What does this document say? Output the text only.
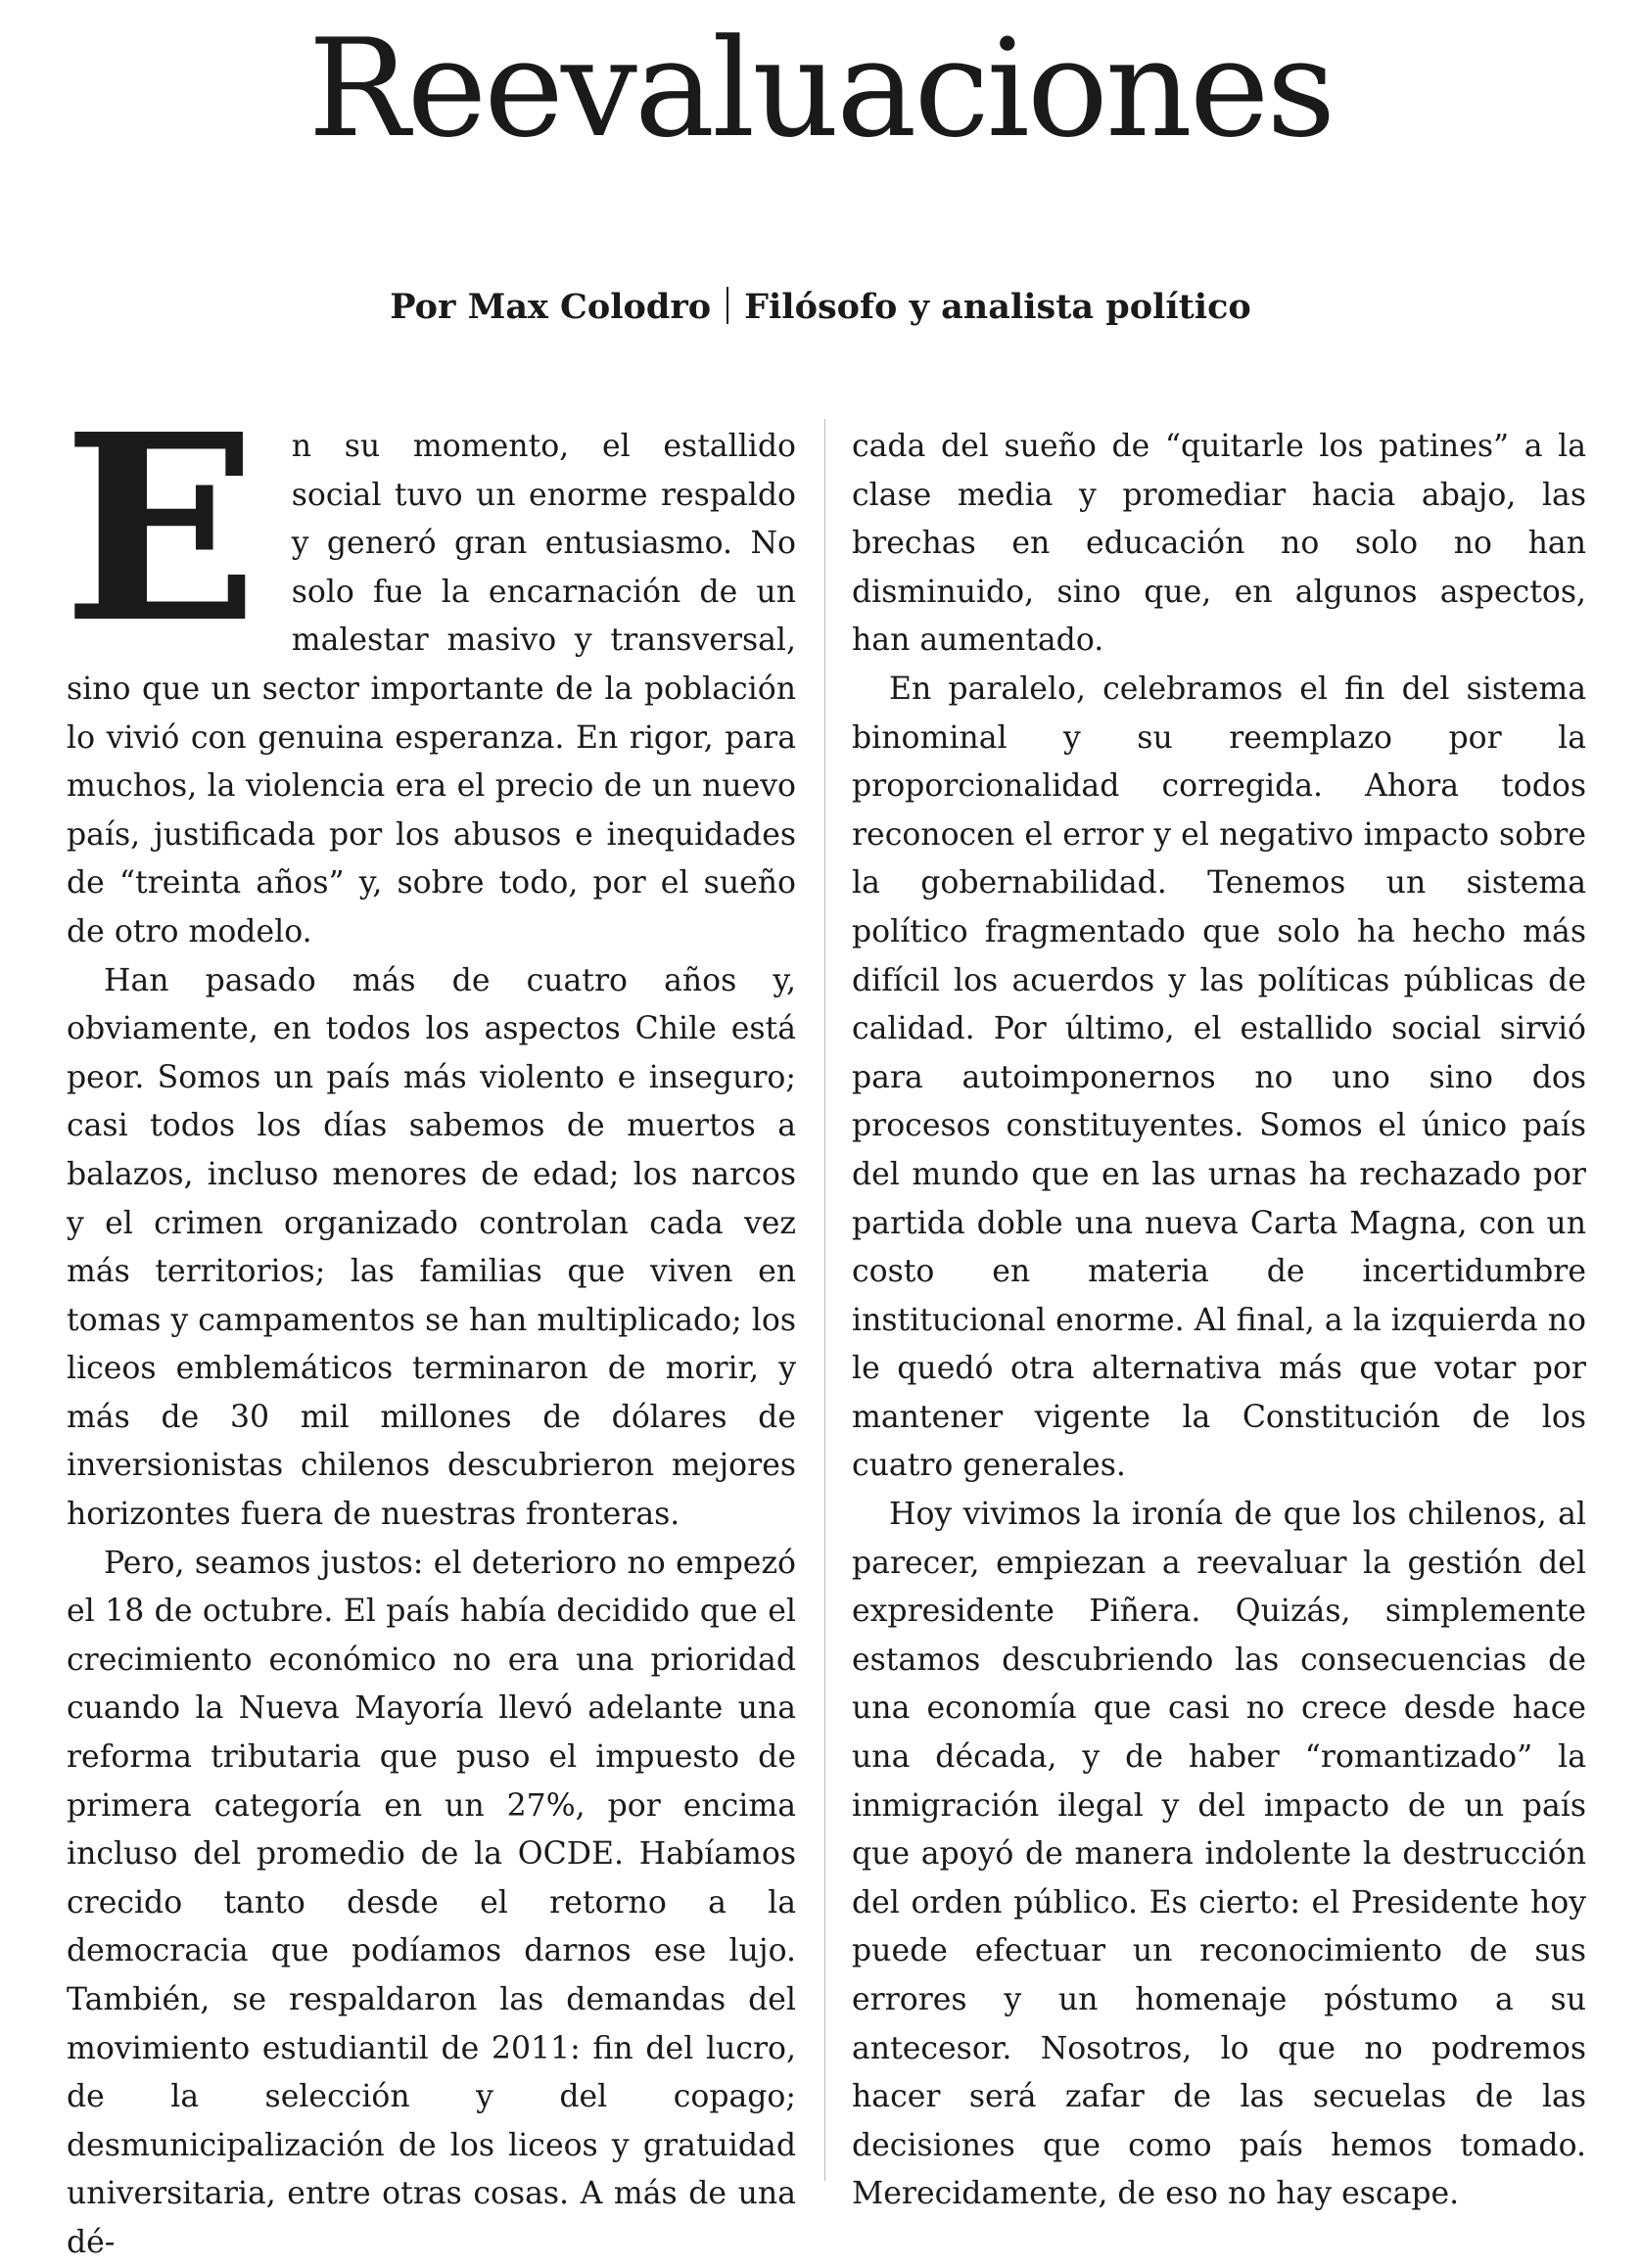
Reevaluaciones
Por Max Colodro Filósofo y analista político

E n su momento, el estallido social tuvo un enorme respaldo y generó gran entusiasmo. No solo fue la encarnación de un malestar masivo y transversal, sino que un sector importante de la población lo vivió con genuina esperanza. En rigor, para muchos, la violencia era el precio de un nuevo país, justificada por los abusos e inequidades de “treinta años” y, sobre todo, por el sueño de otro modelo.

Han pasado más de cuatro años y, obviamente, en todos los aspectos Chile está peor. Somos un país más violento e inseguro; casi todos los días sabemos de muertos a balazos, incluso menores de edad; los narcos y el crimen organizado controlan cada vez más territorios; las familias que viven en tomas y campamentos se han multiplicado; los liceos emblemáticos terminaron de morir, y más de 30 mil millones de dólares de inversionistas chilenos descubrieron mejores horizontes fuera de nuestras fronteras.

Pero, seamos justos: el deterioro no empezó el 18 de octubre. El país había decidido que el crecimiento económico no era una prioridad cuando la Nueva Mayoría llevó adelante una reforma tributaria que puso el impuesto de primera categoría en un 27%, por encima incluso del promedio de la OCDE. Habíamos crecido tanto desde el retorno a la democracia que podíamos darnos ese lujo. También, se respaldaron las demandas del movimiento estudiantil de 2011: fin del lucro, de la selección y del copago; desmunicipalización de los liceos y gratuidad universitaria, entre otras cosas. A más de una dé-

cada del sueño de “quitarle los patines” a la clase media y promediar hacia abajo, las brechas en educación no solo no han disminuido, sino que, en algunos aspectos, han aumentado.

En paralelo, celebramos el fin del sistema binominal y su reemplazo por la proporcionalidad corregida. Ahora todos reconocen el error y el negativo impacto sobre la gobernabilidad. Tenemos un sistema político fragmentado que solo ha hecho más difícil los acuerdos y las políticas públicas de calidad. Por último, el estallido social sirvió para autoimponernos no uno sino dos procesos constituyentes. Somos el único país del mundo que en las urnas ha rechazado por partida doble una nueva Carta Magna, con un costo en materia de incertidumbre institucional enorme. Al final, a la izquierda no le quedó otra alternativa más que votar por mantener vigente la Constitución de los cuatro generales.

Hoy vivimos la ironía de que los chilenos, al parecer, empiezan a reevaluar la gestión del expresidente Piñera. Quizás, simplemente estamos descubriendo las consecuencias de una economía que casi no crece desde hace una década, y de haber “romantizado” la inmigración ilegal y del impacto de un país que apoyó de manera indolente la destrucción del orden público. Es cierto: el Presidente hoy puede efectuar un reconocimiento de sus errores y un homenaje póstumo a su antecesor. Nosotros, lo que no podremos hacer será zafar de las secuelas de las decisiones que como país hemos tomado. Merecidamente, de eso no hay escape.
